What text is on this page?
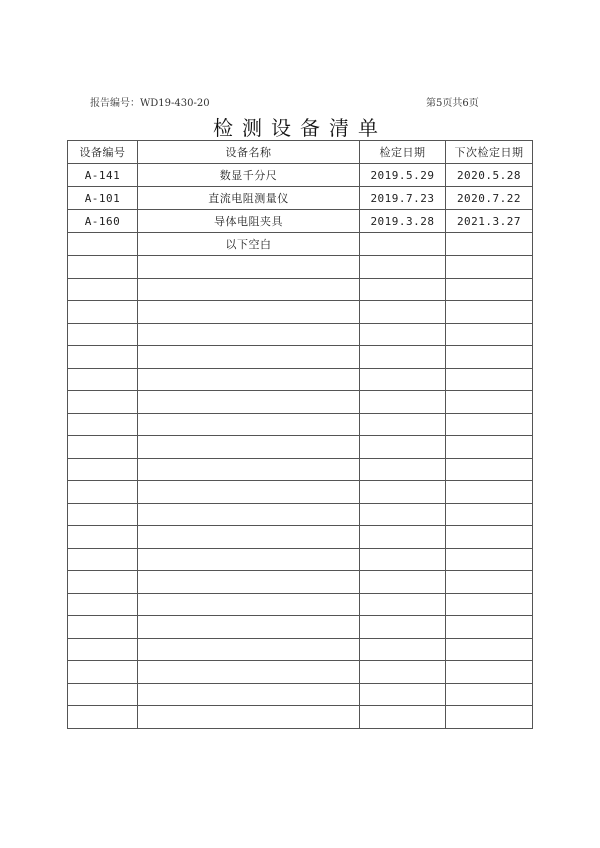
报告编号：WD19-430-20	第5页共6页
检测设备清单
设备编号	设备名称	检定日期	下次检定日期
A-141	数显千分尺	2019.5.29	2020.5.28
A-101	直流电阻测量仪	2019.7.23	2020.7.22
A-160	导体电阻夹具	2019.3.28	2021.3.27
	以下空白		
